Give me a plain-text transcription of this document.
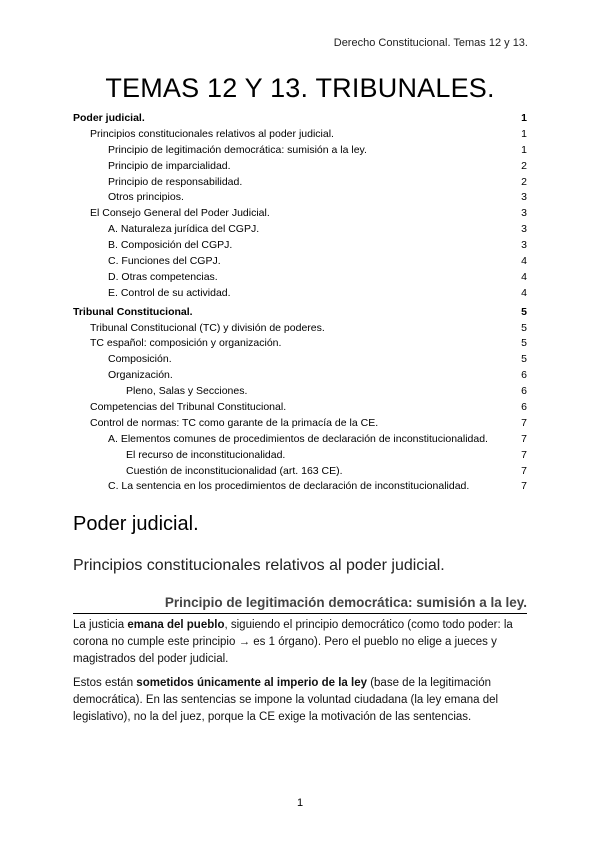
Derecho Constitucional. Temas 12 y 13.
TEMAS 12 Y 13. TRIBUNALES.
Poder judicial.	1
Principios constitucionales relativos al poder judicial.	1
Principio de legitimación democrática: sumisión a la ley.	1
Principio de imparcialidad.	2
Principio de responsabilidad.	2
Otros principios.	3
El Consejo General del Poder Judicial.	3
A. Naturaleza jurídica del CGPJ.	3
B. Composición del CGPJ.	3
C. Funciones del CGPJ.	4
D. Otras competencias.	4
E. Control de su actividad.	4
Tribunal Constitucional.	5
Tribunal Constitucional (TC) y división de poderes.	5
TC español: composición y organización.	5
Composición.	5
Organización.	6
Pleno, Salas y Secciones.	6
Competencias del Tribunal Constitucional.	6
Control de normas: TC como garante de la primacía de la CE.	7
A. Elementos comunes de procedimientos de declaración de inconstitucionalidad.	7
El recurso de inconstitucionalidad.	7
Cuestión de inconstitucionalidad (art. 163 CE).	7
C. La sentencia en los procedimientos de declaración de inconstitucionalidad.	7
Poder judicial.
Principios constitucionales relativos al poder judicial.
Principio de legitimación democrática: sumisión a la ley.

La justicia emana del pueblo, siguiendo el principio democrático (como todo poder: la corona no cumple este principio → es 1 órgano). Pero el pueblo no elige a jueces y magistrados del poder judicial.

Estos están sometidos únicamente al imperio de la ley (base de la legitimación democrática). En las sentencias se impone la voluntad ciudadana (la ley emana del legislativo), no la del juez, porque la CE exige la motivación de las sentencias.

1
